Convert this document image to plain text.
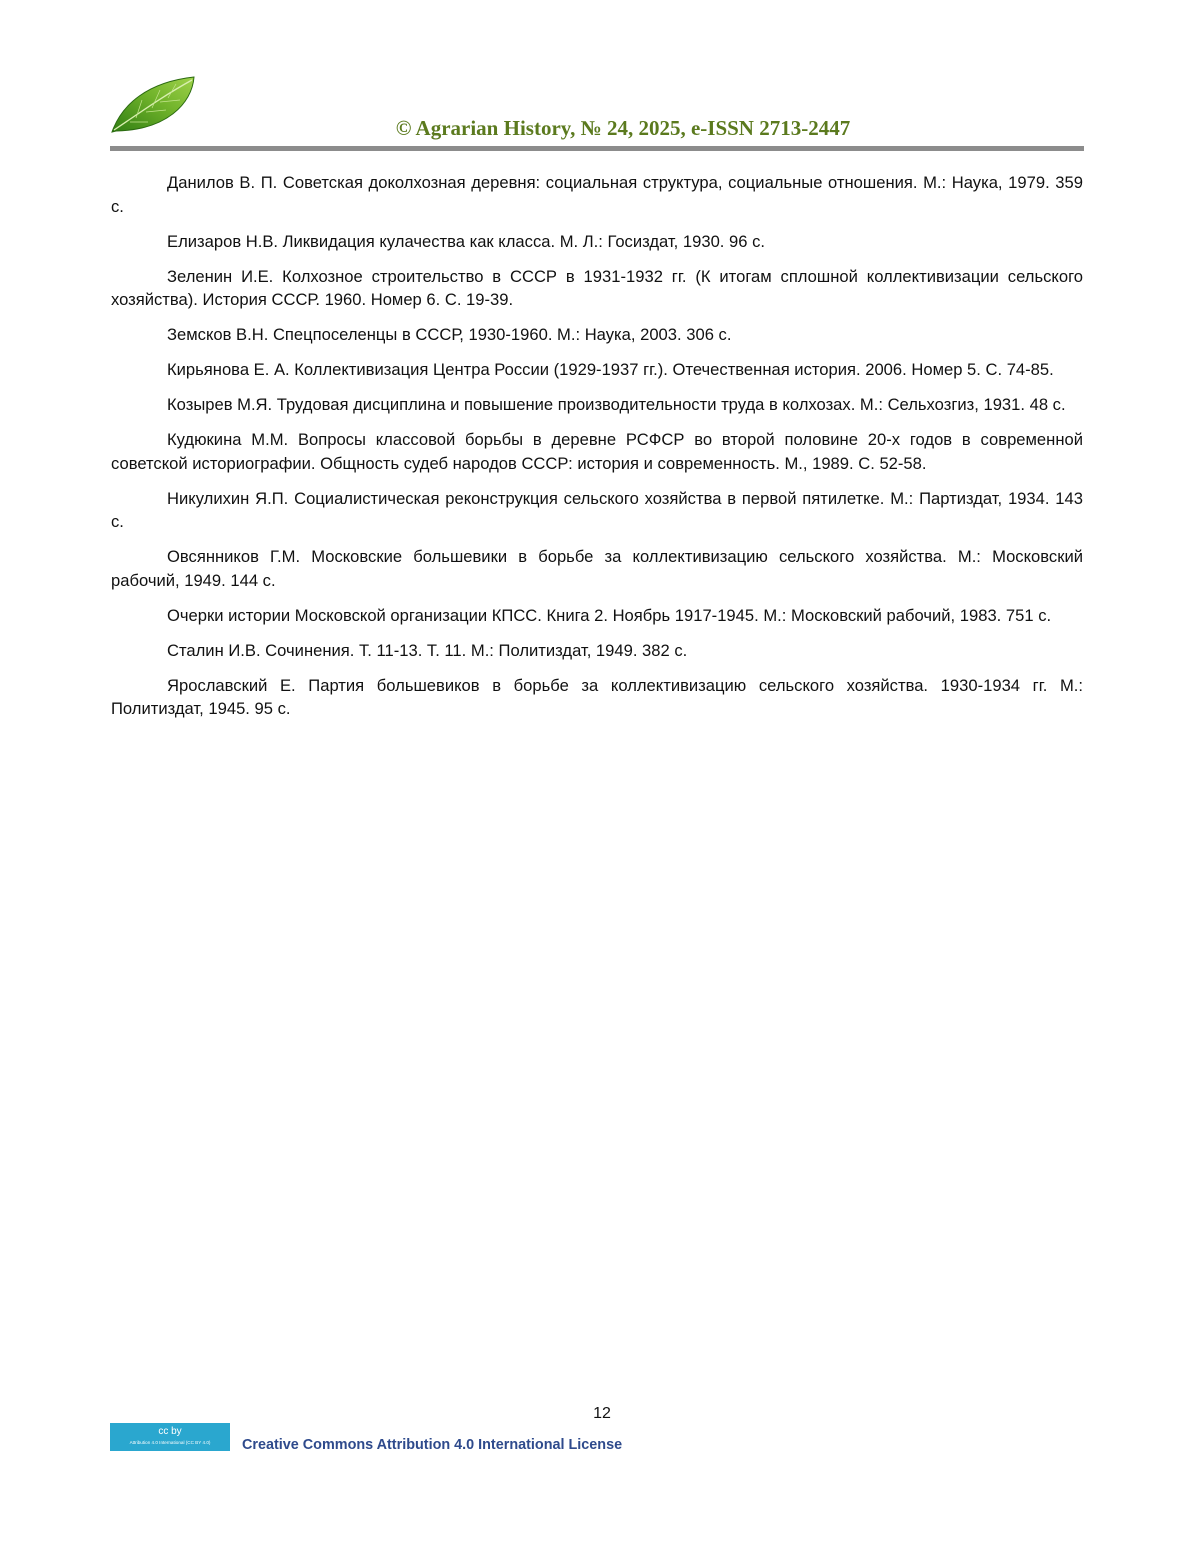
© Agrarian History, № 24, 2025, e-ISSN 2713-2447

Данилов В. П. Советская доколхозная деревня: социальная структура, социальные отношения. М.: Наука, 1979. 359 с.

Елизаров Н.В. Ликвидация кулачества как класса. М. Л.: Госиздат, 1930. 96 с.

Зеленин И.Е. Колхозное строительство в СССР в 1931-1932 гг. (К итогам сплошной коллективизации сельского хозяйства). История СССР. 1960. Номер 6. С. 19-39.

Земсков В.Н. Спецпоселенцы в СССР, 1930-1960. М.: Наука, 2003. 306 с.

Кирьянова Е. А. Коллективизация Центра России (1929-1937 гг.). Отечественная история. 2006. Номер 5. С. 74-85.

Козырев М.Я. Трудовая дисциплина и повышение производительности труда в колхозах. М.: Сельхозгиз, 1931. 48 с.

Кудюкина М.М. Вопросы классовой борьбы в деревне РСФСР во второй половине 20-х годов в современной советской историографии. Общность судеб народов СССР: история и современность. М., 1989. С. 52-58.

Никулихин Я.П. Социалистическая реконструкция сельского хозяйства в первой пятилетке. М.: Партиздат, 1934. 143 с.

Овсянников Г.М. Московские большевики в борьбе за коллективизацию сельского хозяйства. М.: Московский рабочий, 1949. 144 с.

Очерки истории Московской организации КПСС. Книга 2. Ноябрь 1917-1945. М.: Московский рабочий, 1983. 751 с.

Сталин И.В. Сочинения. Т. 11-13. Т. 11. М.: Политиздат, 1949. 382 с.

Ярославский Е. Партия большевиков в борьбе за коллективизацию сельского хозяйства. 1930-1934 гг. М.: Политиздат, 1945. 95 с.

12
cc by
Attribution 4.0 International (CC BY 4.0)	Creative Commons Attribution 4.0 International License
